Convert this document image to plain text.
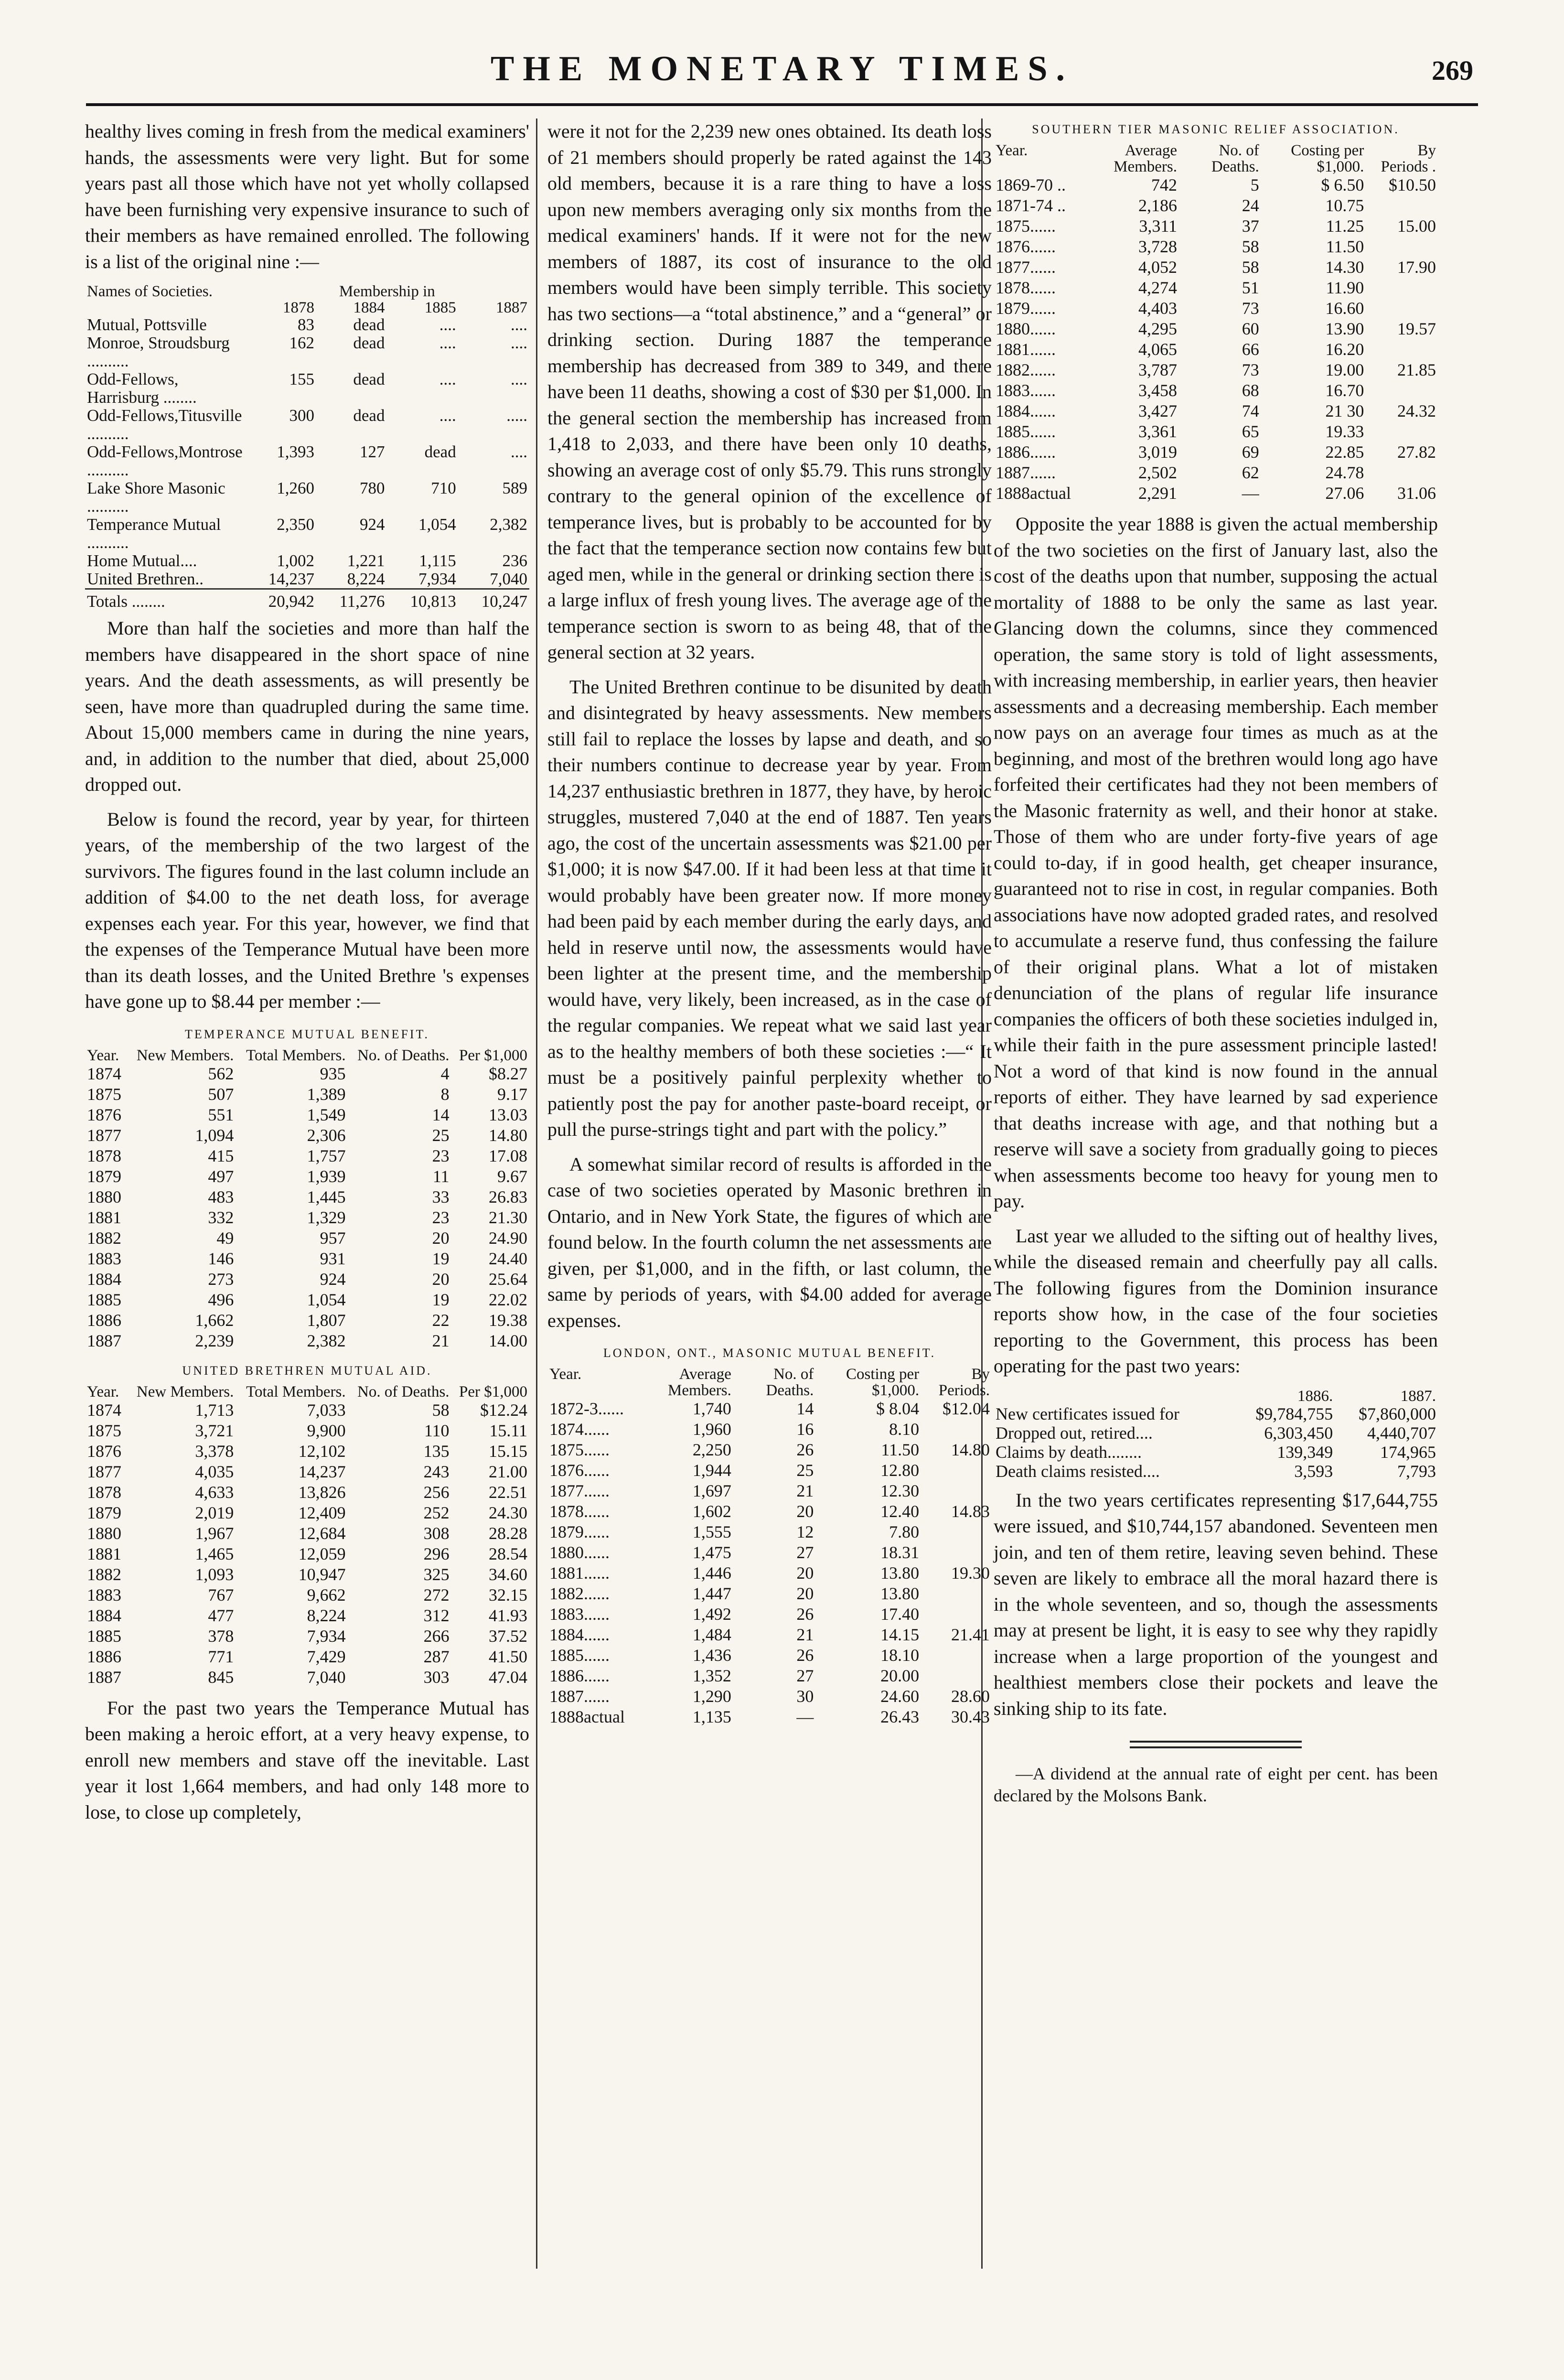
THE MONETARY TIMES.	269

healthy lives coming in fresh from the medical examiners' hands, the assessments were very light. But for some years past all those which have not yet wholly collapsed have been furnishing very expensive insurance to such of their members as have remained enrolled. The following is a list of the original nine :—

Names of Societies.	Membership in			
	1878	1884	1885	1887
Mutual, Pottsville	83	dead	....	....
Monroe, Stroudsburg ..........	162	dead	....	....
Odd-Fellows, Harrisburg ........	155	dead	....	....
Odd-Fellows,Titusville ..........	300	dead	....	.....
Odd-Fellows,Montrose ..........	1,393	127	dead	....
Lake Shore Masonic ..........	1,260	780	710	589
Temperance Mutual ..........	2,350	924	1,054	2,382
Home Mutual....	1,002	1,221	1,115	236
United Brethren..	14,237	8,224	7,934	7,040
Totals ........	20,942	11,276	10,813	10,247

More than half the societies and more than half the members have disappeared in the short space of nine years. And the death assessments, as will presently be seen, have more than quadrupled during the same time. About 15,000 members came in during the nine years, and, in addition to the number that died, about 25,000 dropped out.

Below is found the record, year by year, for thirteen years, of the membership of the two largest of the survivors. The figures found in the last column include an addition of $4.00 to the net death loss, for average expenses each year. For this year, however, we find that the expenses of the Temperance Mutual have been more than its death losses, and the United Brethre 's expenses have gone up to $8.44 per member :—

TEMPERANCE MUTUAL BENEFIT.
Year.	New Members.	Total Members.	No. of Deaths.	Per $1,000
1874	562	935	4	$8.27
1875	507	1,389	8	9.17
1876	551	1,549	14	13.03
1877	1,094	2,306	25	14.80
1878	415	1,757	23	17.08
1879	497	1,939	11	9.67
1880	483	1,445	33	26.83
1881	332	1,329	23	21.30
1882	49	957	20	24.90
1883	146	931	19	24.40
1884	273	924	20	25.64
1885	496	1,054	19	22.02
1886	1,662	1,807	22	19.38
1887	2,239	2,382	21	14.00
UNITED BRETHREN MUTUAL AID.
Year.	New Members.	Total Members.	No. of Deaths.	Per $1,000
1874	1,713	7,033	58	$12.24
1875	3,721	9,900	110	15.11
1876	3,378	12,102	135	15.15
1877	4,035	14,237	243	21.00
1878	4,633	13,826	256	22.51
1879	2,019	12,409	252	24.30
1880	1,967	12,684	308	28.28
1881	1,465	12,059	296	28.54
1882	1,093	10,947	325	34.60
1883	767	9,662	272	32.15
1884	477	8,224	312	41.93
1885	378	7,934	266	37.52
1886	771	7,429	287	41.50
1887	845	7,040	303	47.04

For the past two years the Temperance Mutual has been making a heroic effort, at a very heavy expense, to enroll new members and stave off the inevitable. Last year it lost 1,664 members, and had only 148 more to lose, to close up completely,

were it not for the 2,239 new ones obtained. Its death loss of 21 members should properly be rated against the 143 old members, because it is a rare thing to have a loss upon new members averaging only six months from the medical examiners' hands. If it were not for the new members of 1887, its cost of insurance to the old members would have been simply terrible. This society has two sections—a “total abstinence,” and a “general” or drinking section. During 1887 the temperance membership has decreased from 389 to 349, and there have been 11 deaths, showing a cost of $30 per $1,000. In the general section the membership has increased from 1,418 to 2,033, and there have been only 10 deaths, showing an average cost of only $5.79. This runs strongly contrary to the general opinion of the excellence of temperance lives, but is probably to be accounted for by the fact that the temperance section now contains few but aged men, while in the general or drinking section there is a large influx of fresh young lives. The average age of the temperance section is sworn to as being 48, that of the general section at 32 years.

The United Brethren continue to be disunited by death and disintegrated by heavy assessments. New members still fail to replace the losses by lapse and death, and so their numbers continue to decrease year by year. From 14,237 enthusiastic brethren in 1877, they have, by heroic struggles, mustered 7,040 at the end of 1887. Ten years ago, the cost of the uncertain assessments was $21.00 per $1,000; it is now $47.00. If it had been less at that time it would probably have been greater now. If more money had been paid by each member during the early days, and held in reserve until now, the assessments would have been lighter at the present time, and the membership would have, very likely, been increased, as in the case of the regular companies. We repeat what we said last year as to the healthy members of both these societies :—“ It must be a positively painful perplexity whether to patiently post the pay for another paste-board receipt, or pull the purse-strings tight and part with the policy.”

A somewhat similar record of results is afforded in the case of two societies operated by Masonic brethren in Ontario, and in New York State, the figures of which are found below. In the fourth column the net assessments are given, per $1,000, and in the fifth, or last column, the same by periods of years, with $4.00 added for average expenses.

LONDON, ONT., MASONIC MUTUAL BENEFIT.
Year.	Average Members.	No. of Deaths.	Costing per $1,000.	By Periods.
1872-3......	1,740	14	$ 8.04	$12.04
1874......	1,960	16	8.10	
1875......	2,250	26	11.50	14.80
1876......	1,944	25	12.80	
1877......	1,697	21	12.30	
1878......	1,602	20	12.40	14.83
1879......	1,555	12	7.80	
1880......	1,475	27	18.31	
1881......	1,446	20	13.80	19.30
1882......	1,447	20	13.80	
1883......	1,492	26	17.40	
1884......	1,484	21	14.15	21.41
1885......	1,436	26	18.10	
1886......	1,352	27	20.00	
1887......	1,290	30	24.60	28.60
1888actual	1,135	—	26.43	30.43
SOUTHERN TIER MASONIC RELIEF ASSOCIATION.
Year.	Average Members.	No. of Deaths.	Costing per $1,000.	By Periods .
1869-70 ..	742	5	$ 6.50	$10.50
1871-74 ..	2,186	24	10.75	
1875......	3,311	37	11.25	15.00
1876......	3,728	58	11.50	
1877......	4,052	58	14.30	17.90
1878......	4,274	51	11.90	
1879......	4,403	73	16.60	
1880......	4,295	60	13.90	19.57
1881......	4,065	66	16.20	
1882......	3,787	73	19.00	21.85
1883......	3,458	68	16.70	
1884......	3,427	74	21 30	24.32
1885......	3,361	65	19.33	
1886......	3,019	69	22.85	27.82
1887......	2,502	62	24.78	
1888actual	2,291	—	27.06	31.06

Opposite the year 1888 is given the actual membership of the two societies on the first of January last, also the cost of the deaths upon that number, supposing the actual mortality of 1888 to be only the same as last year. Glancing down the columns, since they commenced operation, the same story is told of light assessments, with increasing membership, in earlier years, then heavier assessments and a decreasing membership. Each member now pays on an average four times as much as at the beginning, and most of the brethren would long ago have forfeited their certificates had they not been members of the Masonic fraternity as well, and their honor at stake. Those of them who are under forty-five years of age could to-day, if in good health, get cheaper insurance, guaranteed not to rise in cost, in regular companies. Both associations have now adopted graded rates, and resolved to accumulate a reserve fund, thus confessing the failure of their original plans. What a lot of mistaken denunciation of the plans of regular life insurance companies the officers of both these societies indulged in, while their faith in the pure assessment principle lasted! Not a word of that kind is now found in the annual reports of either. They have learned by sad experience that deaths increase with age, and that nothing but a reserve will save a society from gradually going to pieces when assessments become too heavy for young men to pay.

Last year we alluded to the sifting out of healthy lives, while the diseased remain and cheerfully pay all calls. The following figures from the Dominion insurance reports show how, in the case of the four societies reporting to the Government, this process has been operating for the past two years:

	1886.	1887.
New certificates issued for	$9,784,755	$7,860,000
Dropped out, retired....	6,303,450	4,440,707
Claims by death........	139,349	174,965
Death claims resisted....	3,593	7,793

In the two years certificates representing $17,644,755 were issued, and $10,744,157 abandoned. Seventeen men join, and ten of them retire, leaving seven behind. These seven are likely to embrace all the moral hazard there is in the whole seventeen, and so, though the assessments may at present be light, it is easy to see why they rapidly increase when a large proportion of the youngest and healthiest members close their pockets and leave the sinking ship to its fate.

—A dividend at the annual rate of eight per cent. has been declared by the Molsons Bank.
